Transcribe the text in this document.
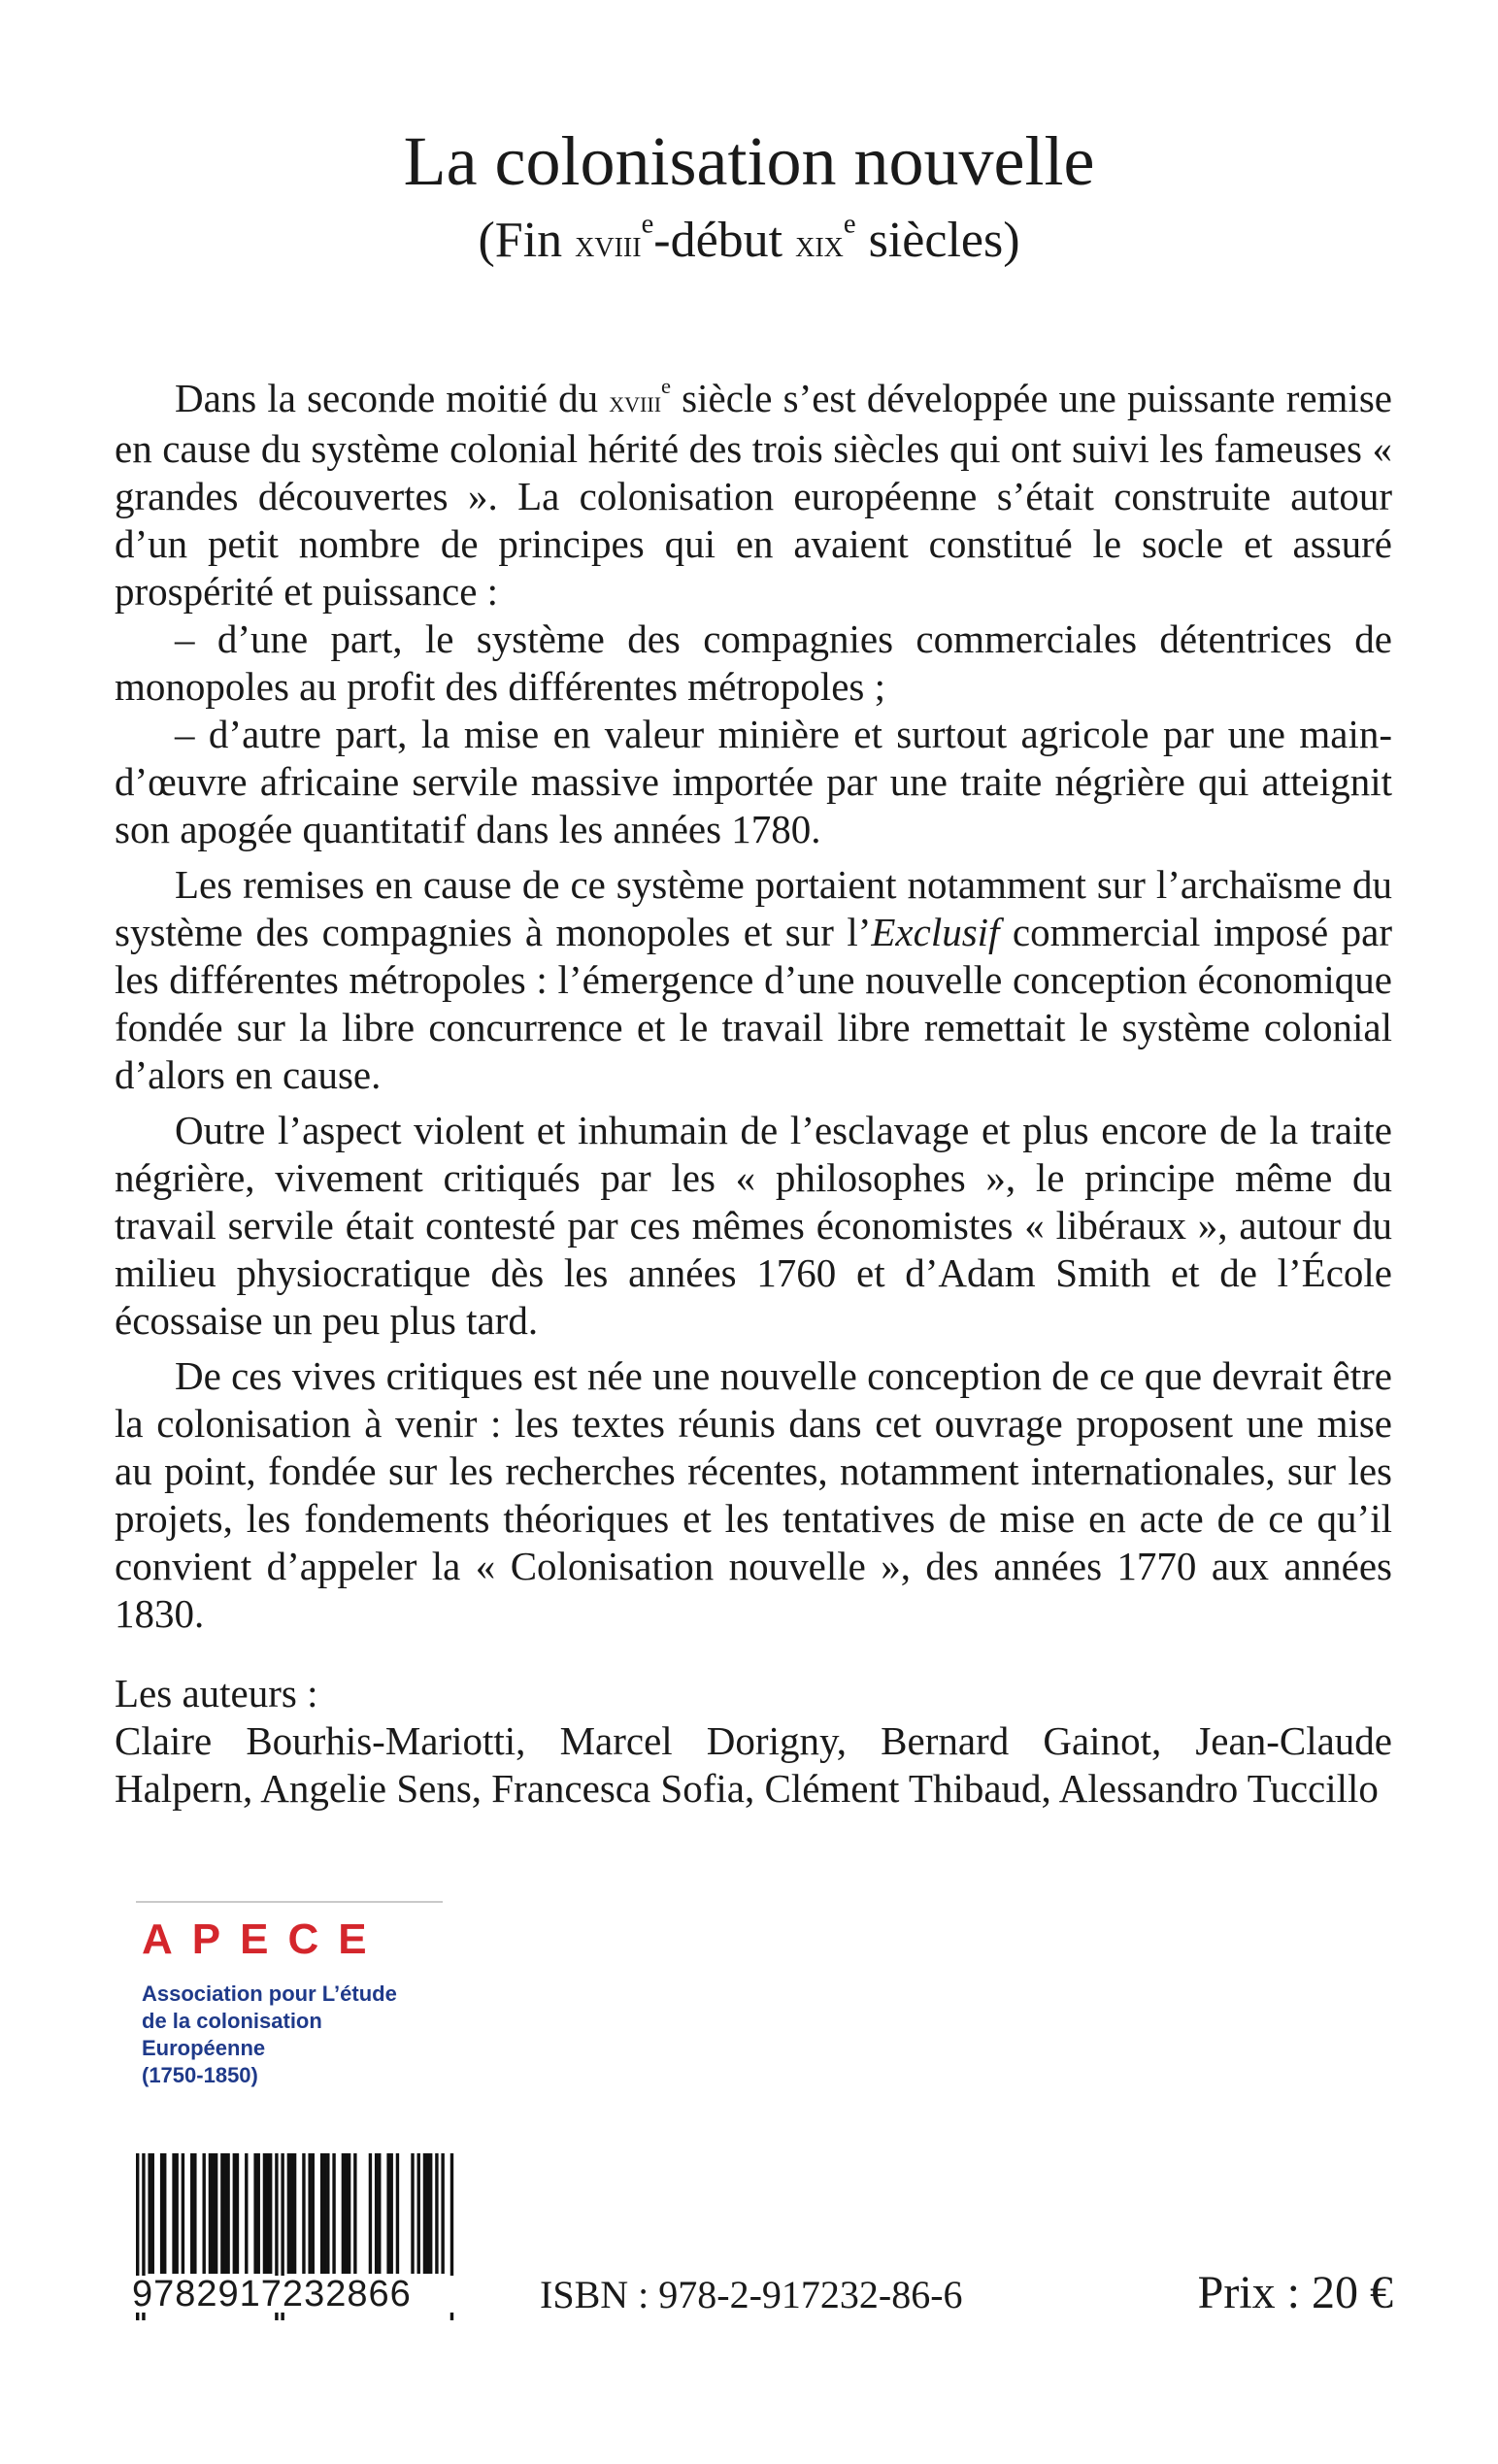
La colonisation nouvelle
(Fin xviii$^e$-début xix$^e$ siècles)

Dans la seconde moitié du xviii$^e$ siècle s’est développée une puissante remise en cause du système colonial hérité des trois siècles qui ont suivi les fameuses « grandes découvertes ». La colonisation européenne s’était construite autour d’un petit nombre de principes qui en avaient constitué le socle et assuré prospérité et puissance :

– d’une part, le système des compagnies commerciales détentrices de monopoles au profit des différentes métropoles ;

– d’autre part, la mise en valeur minière et surtout agricole par une main-d’œuvre africaine servile massive importée par une traite négrière qui atteignit son apogée quantitatif dans les années 1780.

Les remises en cause de ce système portaient notamment sur l’archaïsme du système des compagnies à monopoles et sur l’Exclusif commercial imposé par les différentes métropoles : l’émergence d’une nouvelle conception économique fondée sur la libre concurrence et le travail libre remettait le système colonial d’alors en cause.

Outre l’aspect violent et inhumain de l’esclavage et plus encore de la traite négrière, vivement critiqués par les « philosophes », le principe même du travail servile était contesté par ces mêmes économistes « libéraux », autour du milieu physiocratique dès les années 1760 et d’Adam Smith et de l’École écossaise un peu plus tard.

De ces vives critiques est née une nouvelle conception de ce que devrait être la colonisation à venir : les textes réunis dans cet ouvrage proposent une mise au point, fondée sur les recherches récentes, notamment internationales, sur les projets, les fondements théoriques et les tentatives de mise en acte de ce qu’il convient d’appeler la « Colonisation nouvelle », des années 1770 aux années 1830.

Les auteurs :

Claire Bourhis-Mariotti, Marcel Dorigny, Bernard Gainot, Jean-Claude Halpern, Angelie Sens, Francesca Sofia, Clément Thibaud, Alessandro Tuccillo

APECE
Association pour L’étude
de la colonisation
Européenne
(1750-1850)
9782917232866	ISBN : 978-2-917232-86-6	Prix : 20 €
